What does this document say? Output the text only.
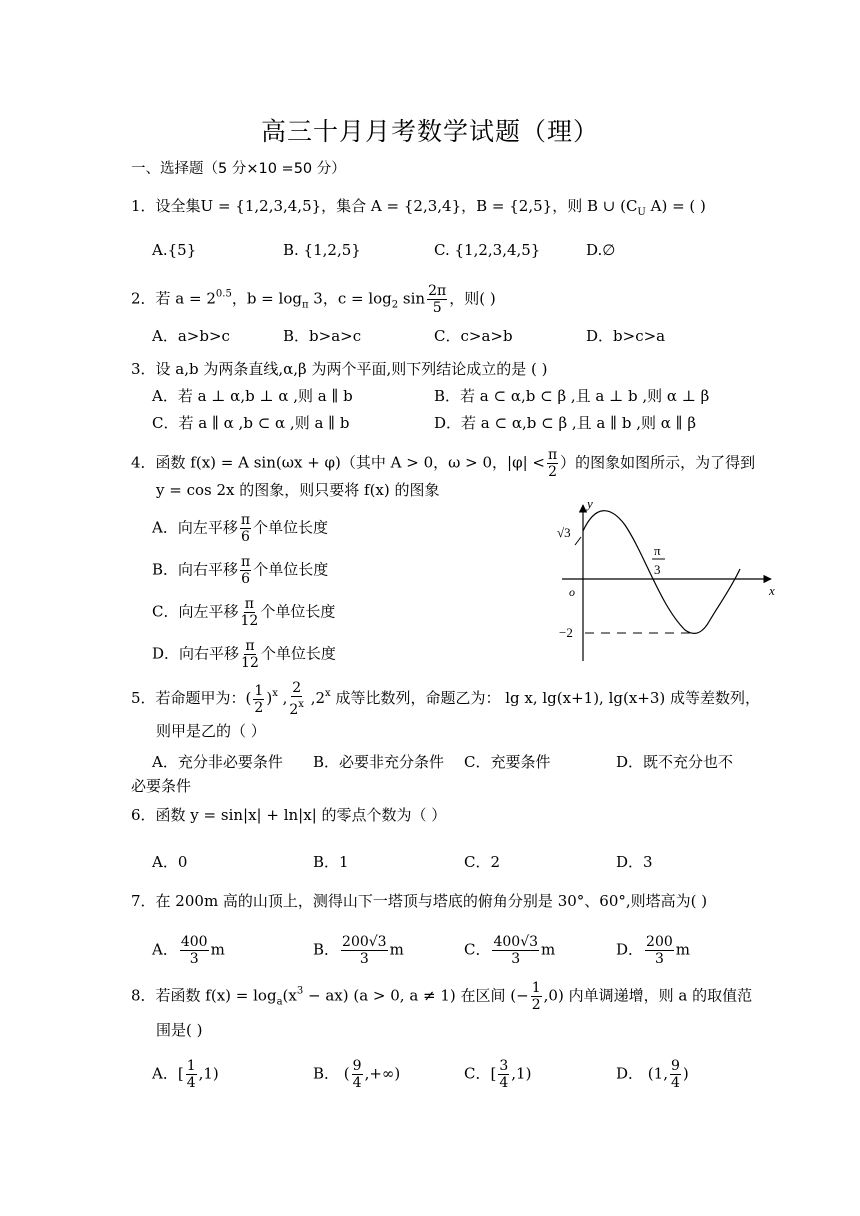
高三十月月考数学试题（理）
一、选择题（5 分×10 =50 分）
1．设全集U = {1,2,3,4,5}，集合 A = {2,3,4}，B = {2,5}，则 B ∪ ($C_U$ A) = ( )
A.{5}	B. {1,2,5}	C. {1,2,3,4,5}	D.∅
2．若 $a = 2^{0.5}$，$b = \log_\pi 3$，$c = \log_2 \sin \frac{2\pi}{5}$ ，则( )
A．a>b>c	B．b>a>c	C．c>a>b	D．b>c>a
3．设 a,b 为两条直线,α,β 为两个平面,则下列结论成立的是 ( )
A．若 a ⊥ α,b ⊥ α ,则 a ∥ b	B．若 a ⊂ α,b ⊂ β ,且 a ⊥ b ,则 α ⊥ β
C．若 a ∥ α ,b ⊂ α ,则 a ∥ b	D．若 a ⊂ α,b ⊂ β ,且 a ∥ b ,则 α ∥ β
4．函数 f(x) = A sin(ωx + φ)（其中 A > 0，ω > 0，$|\varphi| < \frac{\pi}{2}$ ）的图象如图所示，为了得到
y = cos 2x 的图象，则只要将 f(x) 的图象
A．向左平移 $\frac{\pi}{6}$ 个单位长度
B．向右平移 $\frac{\pi}{6}$ 个单位长度
C．向左平移 $\frac{\pi}{12}$ 个单位长度
D．向右平移 $\frac{\pi}{12}$ 个单位长度
y
x
o
√3
−2
π
3
5．若命题甲为：( $\frac{1}{2} )^x$ , $\frac{2}{2^x} ,2^x$ 成等比数列，命题乙为： lg x, lg(x+1), lg(x+3) 成等差数列，
则甲是乙的（ ）
A．充分非必要条件 B．必要非充分条件 C．充要条件	D．既不充分也不
必要条件
6．函数 y = sin|x| + ln|x| 的零点个数为（ ）
A．0	B．1	C．2	D．3
7．在 200m 高的山顶上，测得山下一塔顶与塔底的俯角分别是 30°、60°,则塔高为( )
A． $\frac{400}{3}$ m	B． $\frac{200√3}{3}$ m	C． $\frac{400√3}{3}$ m	D． $\frac{200}{3}$ m
8．若函数 $f(x) = \log_a(x^3 - ax) (a > 0$, a ≠ 1) 在区间 (− $\frac{1}{2} ,0$) 内单调递增，则 a 的取值范
围是( )
A．[ $\frac{1}{4} ,1$)	B． ( $\frac{9}{4}$ ,+∞)	C．[ $\frac{3}{4} ,1$)	D． (1, $\frac{9}{4}$ )
